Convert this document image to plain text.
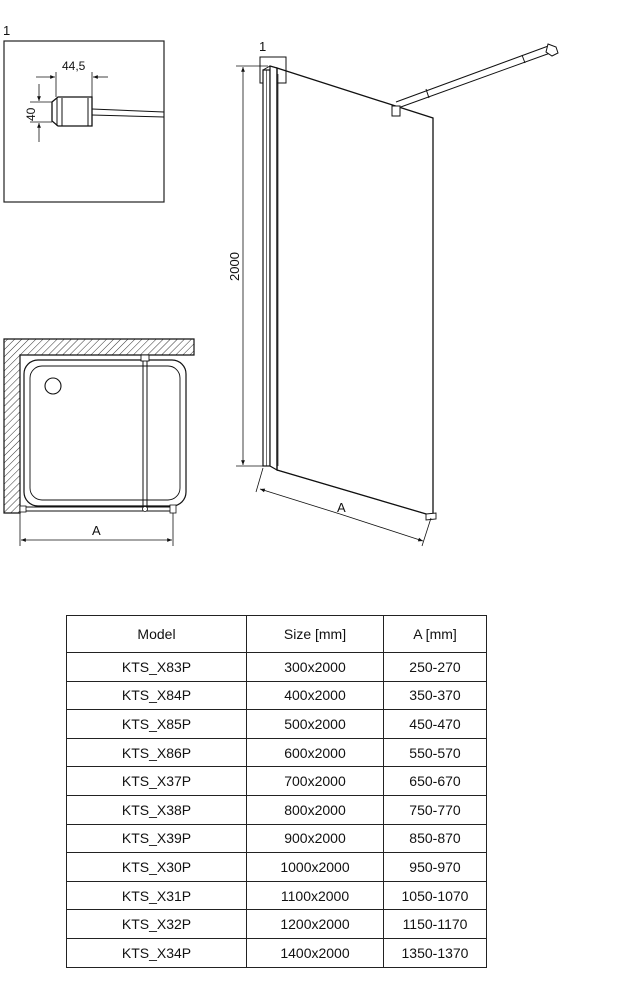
1
44,5
40
A
1
2000
A
Model	Size [mm]	A [mm]
KTS_X83P	300x2000	250-270
KTS_X84P	400x2000	350-370
KTS_X85P	500x2000	450-470
KTS_X86P	600x2000	550-570
KTS_X37P	700x2000	650-670
KTS_X38P	800x2000	750-770
KTS_X39P	900x2000	850-870
KTS_X30P	1000x2000	950-970
KTS_X31P	1100x2000	1050-1070
KTS_X32P	1200x2000	1150-1170
KTS_X34P	1400x2000	1350-1370
